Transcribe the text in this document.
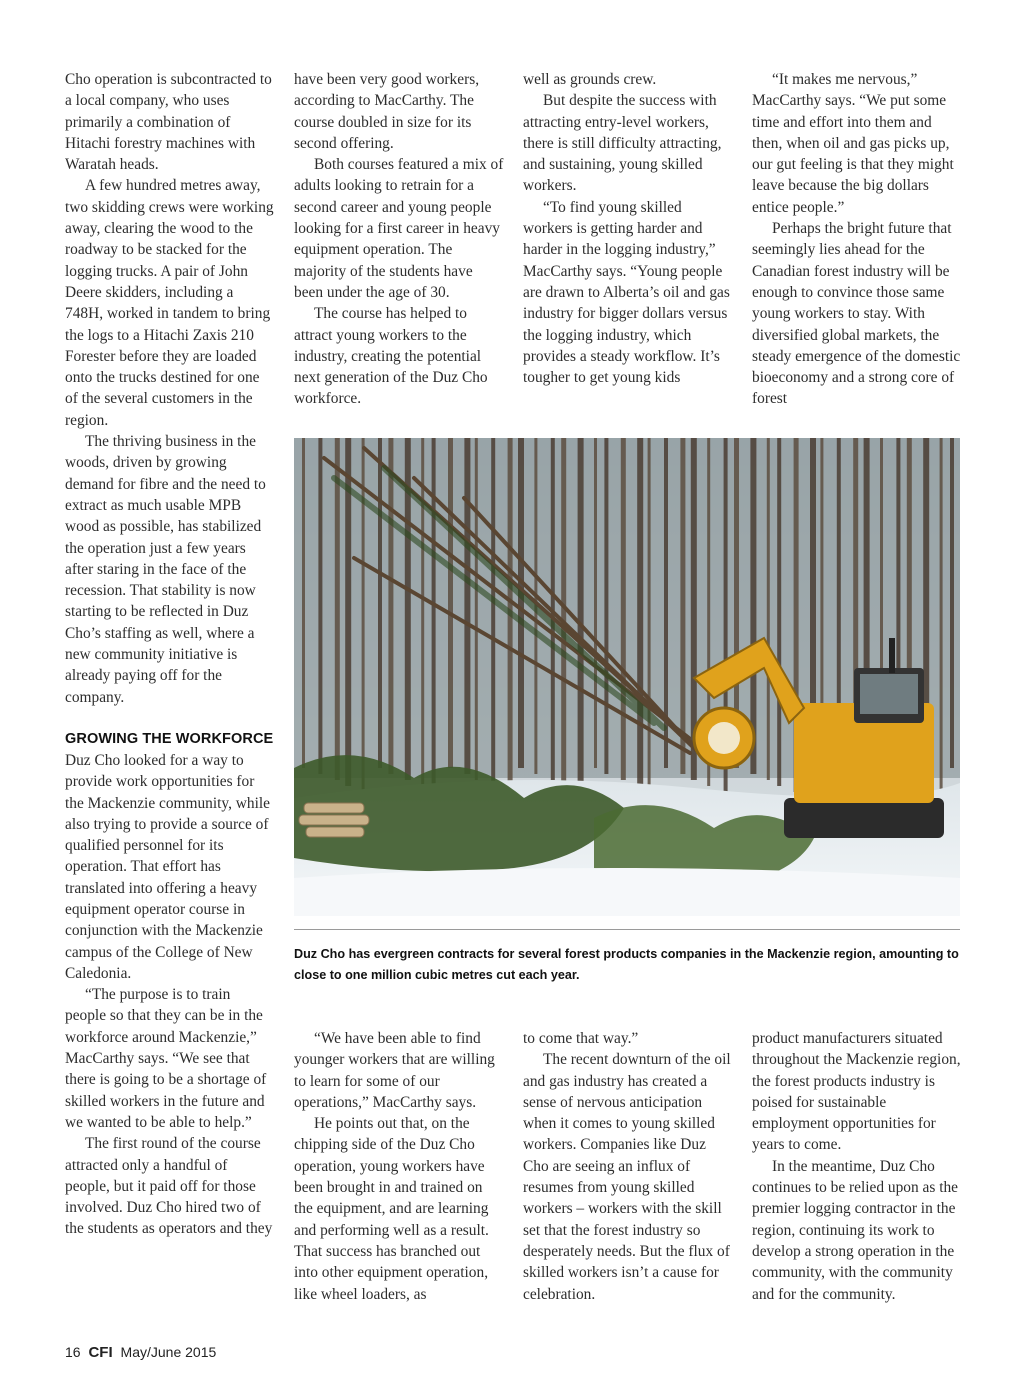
Cho operation is subcontracted to a local company, who uses primarily a combination of Hitachi forestry machines with Waratah heads.

A few hundred metres away, two skidding crews were working away, clearing the wood to the roadway to be stacked for the logging trucks. A pair of John Deere skidders, including a 748H, worked in tandem to bring the logs to a Hitachi Zaxis 210 Forester before they are loaded onto the trucks destined for one of the several customers in the region.

The thriving business in the woods, driven by growing demand for fibre and the need to extract as much usable MPB wood as possible, has stabilized the operation just a few years after staring in the face of the recession. That stability is now starting to be reflected in Duz Cho’s staffing as well, where a new community initiative is already paying off for the company.

GROWING THE WORKFORCE

Duz Cho looked for a way to provide work opportunities for the Mackenzie community, while also trying to provide a source of qualified personnel for its operation. That effort has translated into offering a heavy equipment operator course in conjunction with the Mackenzie campus of the College of New Caledonia.

“The purpose is to train people so that they can be in the workforce around Mackenzie,” MacCarthy says. “We see that there is going to be a shortage of skilled workers in the future and we wanted to be able to help.”

The first round of the course attracted only a handful of people, but it paid off for those involved. Duz Cho hired two of the students as operators and they

have been very good workers, according to MacCarthy. The course doubled in size for its second offering.

Both courses featured a mix of adults looking to retrain for a second career and young people looking for a first career in heavy equipment operation. The majority of the students have been under the age of 30.

The course has helped to attract young workers to the industry, creating the potential next generation of the Duz Cho workforce.

well as grounds crew.

But despite the success with attracting entry-level workers, there is still difficulty attracting, and sustaining, young skilled workers.

“To find young skilled workers is getting harder and harder in the logging industry,” MacCarthy says. “Young people are drawn to Alberta’s oil and gas industry for bigger dollars versus the logging industry, which provides a steady workflow. It’s tougher to get young kids

“It makes me nervous,” MacCarthy says. “We put some time and effort into them and then, when oil and gas picks up, our gut feeling is that they might leave because the big dollars entice people.”

Perhaps the bright future that seemingly lies ahead for the Canadian forest industry will be enough to convince those same young workers to stay. With diversified global markets, the steady emergence of the domestic bioeconomy and a strong core of forest

Duz Cho has evergreen contracts for several forest products companies in the Mackenzie region, amounting to close to one million cubic metres cut each year.

“We have been able to find younger workers that are willing to learn for some of our operations,” MacCarthy says.

He points out that, on the chipping side of the Duz Cho operation, young workers have been brought in and trained on the equipment, and are learning and performing well as a result. That success has branched out into other equipment operation, like wheel loaders, as

to come that way.”

The recent downturn of the oil and gas industry has created a sense of nervous anticipation when it comes to young skilled workers. Companies like Duz Cho are seeing an influx of resumes from young skilled workers – workers with the skill set that the forest industry so desperately needs. But the flux of skilled workers isn’t a cause for celebration.

product manufacturers situated throughout the Mackenzie region, the forest products industry is poised for sustainable employment opportunities for years to come.

In the meantime, Duz Cho continues to be relied upon as the premier logging contractor in the region, continuing its work to develop a strong operation in the community, with the community and for the community.

16 CFI May/June 2015
